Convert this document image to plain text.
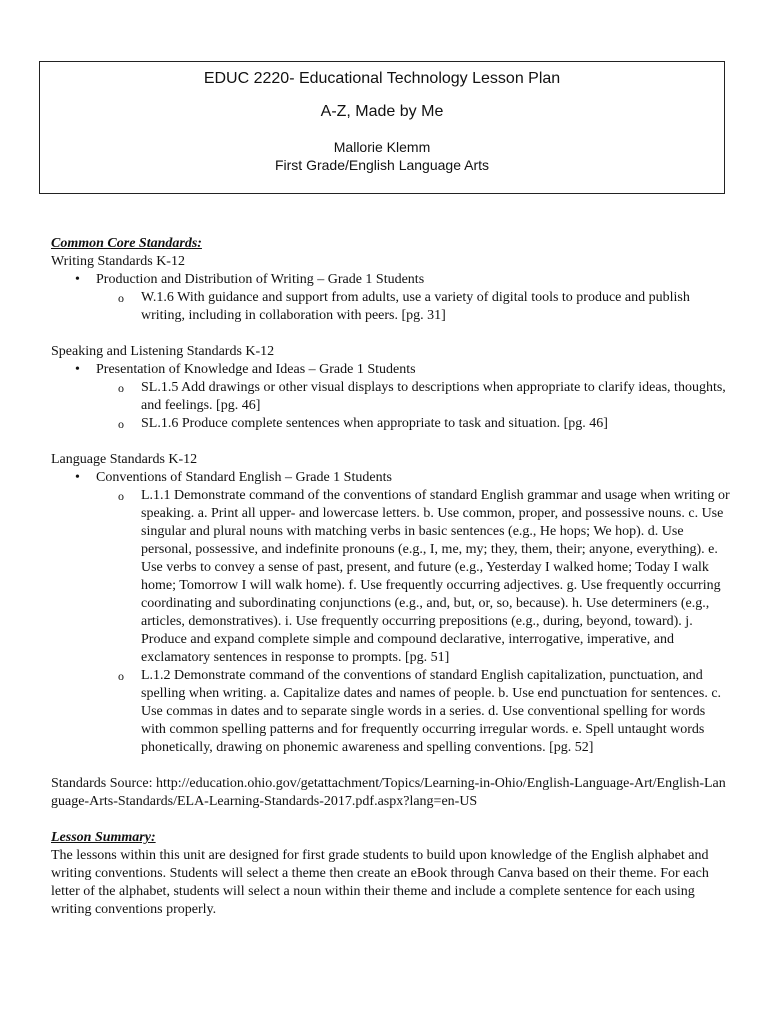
EDUC 2220- Educational Technology Lesson Plan
A-Z, Made by Me
Mallorie Klemm
First Grade/English Language Arts
Common Core Standards:
Writing Standards K-12
• Production and Distribution of Writing – Grade 1 Students
o W.1.6 With guidance and support from adults, use a variety of digital tools to produce and publish writing, including in collaboration with peers. [pg. 31]
Speaking and Listening Standards K-12
• Presentation of Knowledge and Ideas – Grade 1 Students
o SL.1.5 Add drawings or other visual displays to descriptions when appropriate to clarify ideas, thoughts, and feelings. [pg. 46]
o SL.1.6 Produce complete sentences when appropriate to task and situation. [pg. 46]
Language Standards K-12
• Conventions of Standard English – Grade 1 Students
o L.1.1 Demonstrate command of the conventions of standard English grammar and usage when writing or speaking. a. Print all upper- and lowercase letters. b. Use common, proper, and possessive nouns. c. Use singular and plural nouns with matching verbs in basic sentences (e.g., He hops; We hop). d. Use personal, possessive, and indefinite pronouns (e.g., I, me, my; they, them, their; anyone, everything). e. Use verbs to convey a sense of past, present, and future (e.g., Yesterday I walked home; Today I walk home; Tomorrow I will walk home). f. Use frequently occurring adjectives. g. Use frequently occurring coordinating and subordinating conjunctions (e.g., and, but, or, so, because). h. Use determiners (e.g., articles, demonstratives). i. Use frequently occurring prepositions (e.g., during, beyond, toward). j. Produce and expand complete simple and compound declarative, interrogative, imperative, and exclamatory sentences in response to prompts. [pg. 51]
o L.1.2 Demonstrate command of the conventions of standard English capitalization, punctuation, and spelling when writing. a. Capitalize dates and names of people. b. Use end punctuation for sentences. c. Use commas in dates and to separate single words in a series. d. Use conventional spelling for words with common spelling patterns and for frequently occurring irregular words. e. Spell untaught words phonetically, drawing on phonemic awareness and spelling conventions. [pg. 52]
Standards Source: http://education.ohio.gov/getattachment/Topics/Learning-in-Ohio/English-Language-Art/English-Language-Arts-Standards/ELA-Learning-Standards-2017.pdf.aspx?lang=en-US
Lesson Summary:
The lessons within this unit are designed for first grade students to build upon knowledge of the English alphabet and writing conventions. Students will select a theme then create an eBook through Canva based on their theme. For each letter of the alphabet, students will select a noun within their theme and include a complete sentence for each using writing conventions properly.
